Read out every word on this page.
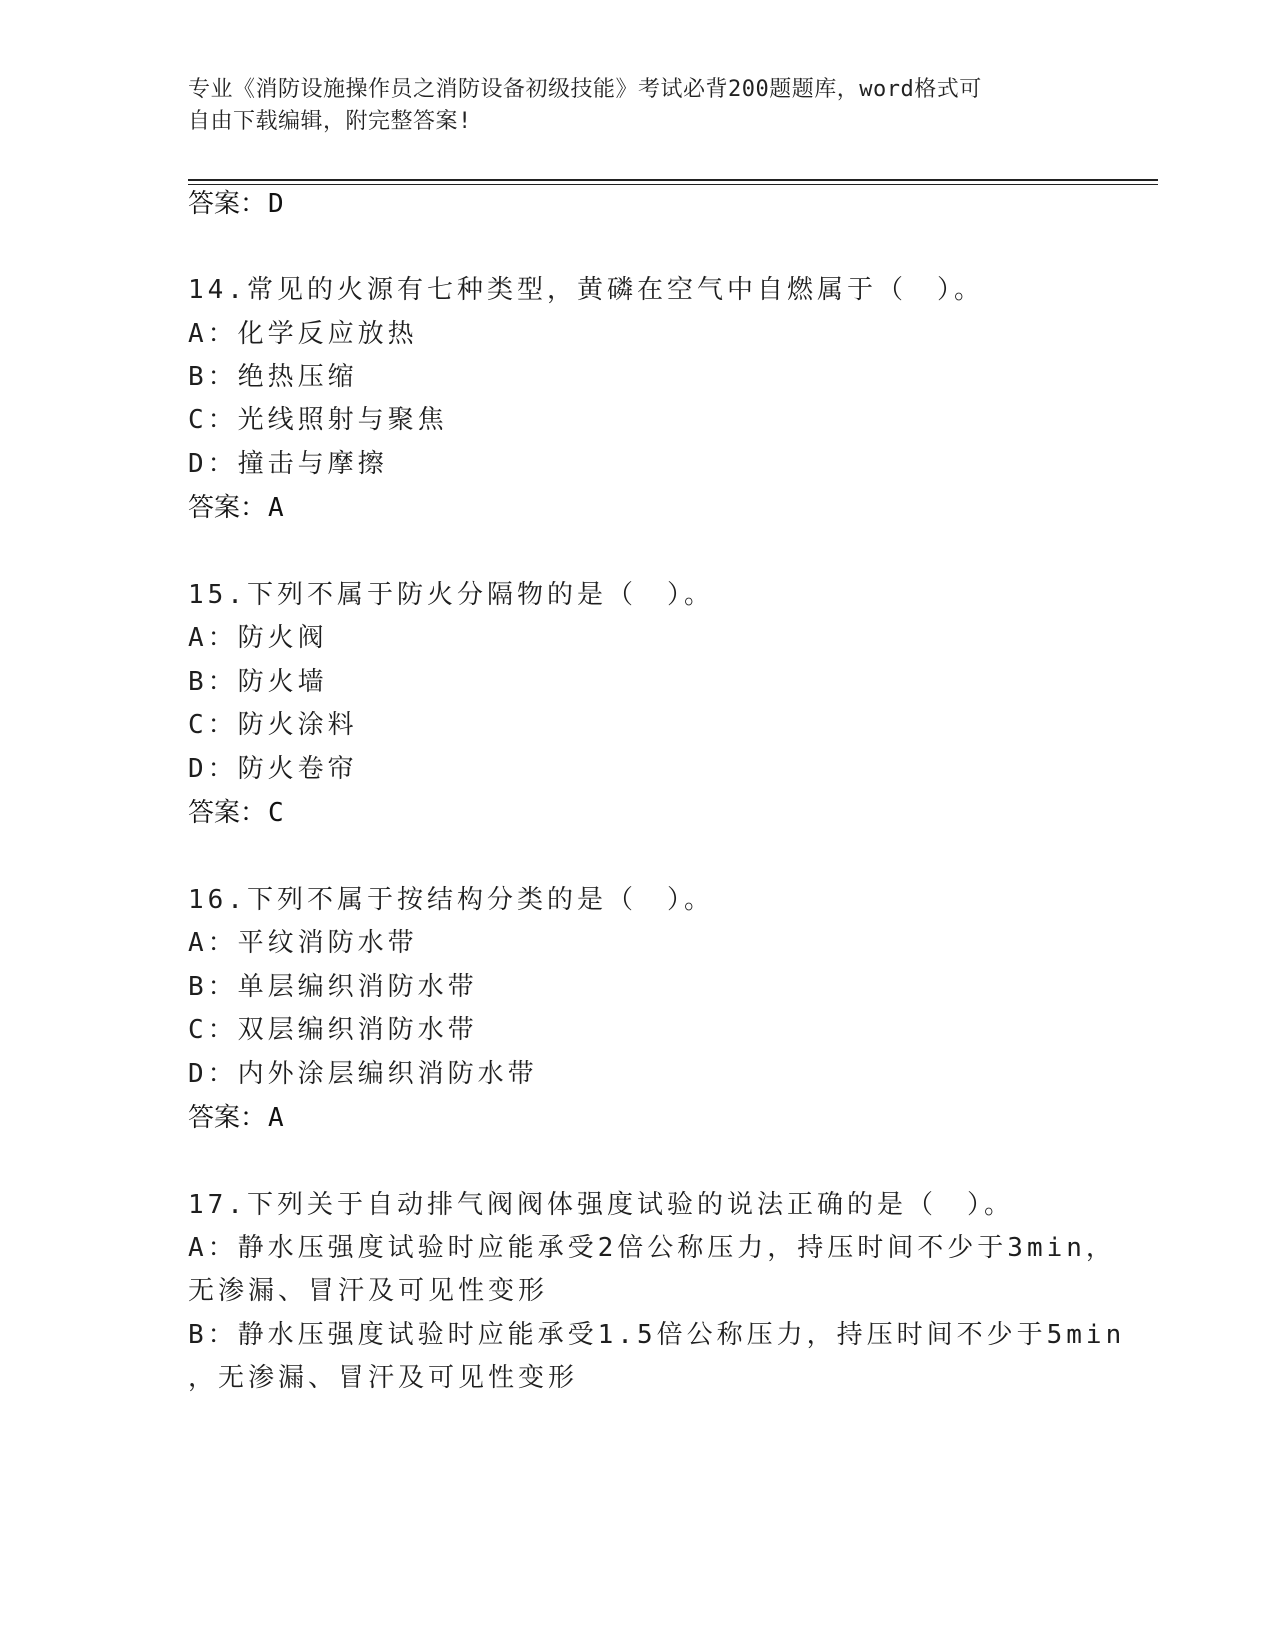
专业《消防设施操作员之消防设备初级技能》考试必背200题题库，word格式可
自由下载编辑，附完整答案!
答案：D
14.常见的火源有七种类型，黄磷在空气中自燃属于（　）。
A：化学反应放热
B：绝热压缩
C：光线照射与聚焦
D：撞击与摩擦
答案：A
15.下列不属于防火分隔物的是（　）。
A：防火阀
B：防火墙
C：防火涂料
D：防火卷帘
答案：C
16.下列不属于按结构分类的是（　）。
A：平纹消防水带
B：单层编织消防水带
C：双层编织消防水带
D：内外涂层编织消防水带
答案：A
17.下列关于自动排气阀阀体强度试验的说法正确的是（　）。
A：静水压强度试验时应能承受2倍公称压力，持压时间不少于3min，
无渗漏、冒汗及可见性变形
B：静水压强度试验时应能承受1.5倍公称压力，持压时间不少于5min
，无渗漏、冒汗及可见性变形
